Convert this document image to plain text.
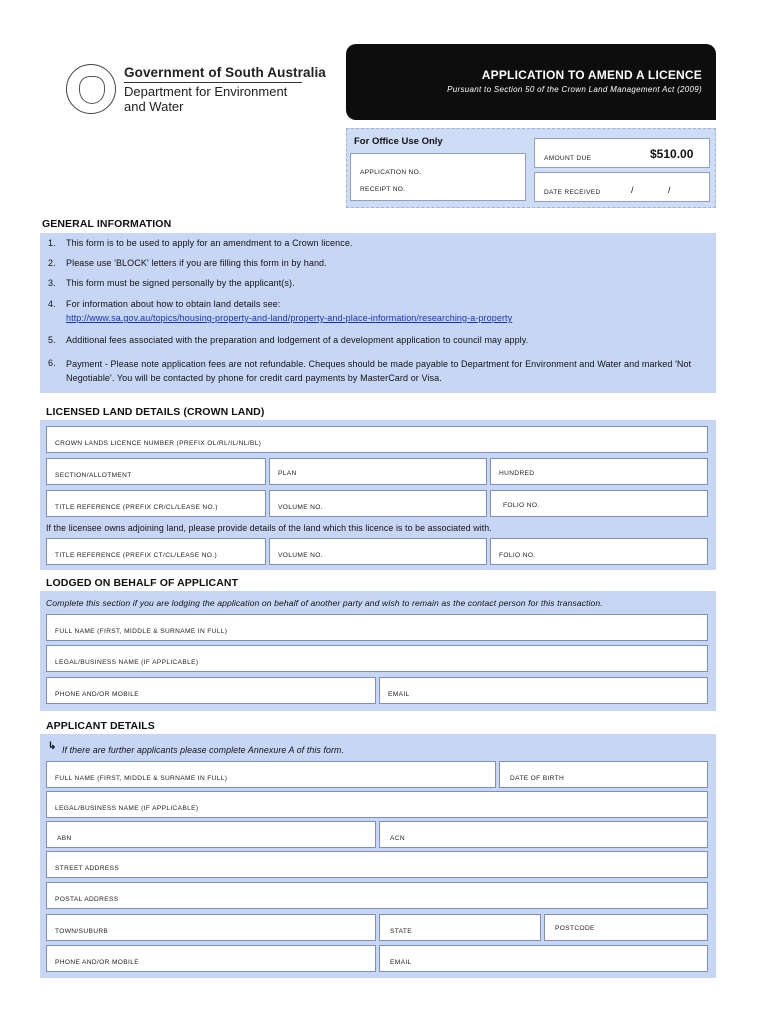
Government of South Australia
Department for Environment
and Water
APPLICATION TO AMEND A LICENCE
Pursuant to Section 50 of the Crown Land Management Act (2009)
For Office Use Only
APPLICATION NO.
RECEIPT NO.
AMOUNT DUE	$510.00
DATE RECEIVED	/	/
GENERAL INFORMATION
1. This form is to be used to apply for an amendment to a Crown licence.
2. Please use 'BLOCK' letters if you are filling this form in by hand.
3. This form must be signed personally by the applicant(s).
4. For information about how to obtain land details see:
http://www.sa.gov.au/topics/housing-property-and-land/property-and-place-information/researching-a-property
5. Additional fees associated with the preparation and lodgement of a development application to council may apply.
6. Payment - Please note application fees are not refundable. Cheques should be made payable to Department for Environment and Water and marked 'Not Negotiable'. You will be contacted by phone for credit card payments by MasterCard or Visa.
LICENSED LAND DETAILS (CROWN LAND)
CROWN LANDS LICENCE NUMBER (PREFIX OL/RL/IL/NL/BL)
SECTION/ALLOTMENT	PLAN	HUNDRED
TITLE REFERENCE (PREFIX CR/CL/LEASE NO.)	VOLUME NO.	FOLIO NO.
If the licensee owns adjoining land, please provide details of the land which this licence is to be associated with.
TITLE REFERENCE (PREFIX CT/CL/LEASE NO.)	VOLUME NO.	FOLIO NO.
LODGED ON BEHALF OF APPLICANT
Complete this section if you are lodging the application on behalf of another party and wish to remain as the contact person for this transaction.
FULL NAME (FIRST, MIDDLE & SURNAME IN FULL)
LEGAL/BUSINESS NAME (IF APPLICABLE)
PHONE AND/OR MOBILE	EMAIL
APPLICANT DETAILS
↳ If there are further applicants please complete Annexure A of this form.
FULL NAME (FIRST, MIDDLE & SURNAME IN FULL)	DATE OF BIRTH
LEGAL/BUSINESS NAME (IF APPLICABLE)
ABN	ACN
STREET ADDRESS
POSTAL ADDRESS
TOWN/SUBURB	STATE	POSTCODE
PHONE AND/OR MOBILE	EMAIL
